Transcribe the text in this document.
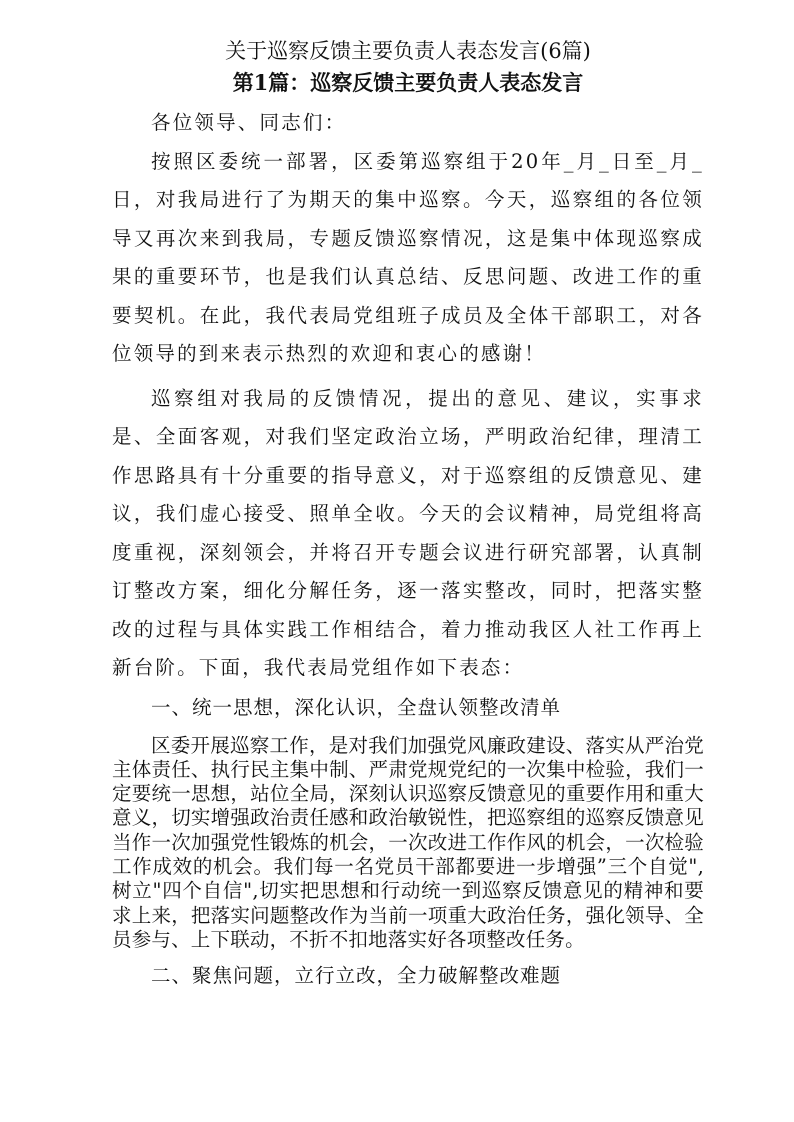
关于巡察反馈主要负责人表态发言(6篇)
第1篇：巡察反馈主要负责人表态发言

各位领导、同志们：

按照区委统一部署，区委第巡察组于20年_月_日至_月_日，对我局进行了为期天的集中巡察。今天，巡察组的各位领导又再次来到我局，专题反馈巡察情况，这是集中体现巡察成果的重要环节，也是我们认真总结、反思问题、改进工作的重要契机。在此，我代表局党组班子成员及全体干部职工，对各位领导的到来表示热烈的欢迎和衷心的感谢！

巡察组对我局的反馈情况，提出的意见、建议，实事求是、全面客观，对我们坚定政治立场，严明政治纪律，理清工作思路具有十分重要的指导意义，对于巡察组的反馈意见、建议，我们虚心接受、照单全收。今天的会议精神，局党组将高度重视，深刻领会，并将召开专题会议进行研究部署，认真制订整改方案，细化分解任务，逐一落实整改，同时，把落实整改的过程与具体实践工作相结合，着力推动我区人社工作再上新台阶。下面，我代表局党组作如下表态：

一、统一思想，深化认识，全盘认领整改清单

区委开展巡察工作，是对我们加强党风廉政建设、落实从严治党主体责任、执行民主集中制、严肃党规党纪的一次集中检验，我们一定要统一思想，站位全局，深刻认识巡察反馈意见的重要作用和重大意义，切实增强政治责任感和政治敏锐性，把巡察组的巡察反馈意见当作一次加强党性锻炼的机会，一次改进工作作风的机会，一次检验工作成效的机会。我们每一名党员干部都要进一步增强”三个自觉",树立"四个自信",切实把思想和行动统一到巡察反馈意见的精神和要求上来，把落实问题整改作为当前一项重大政治任务，强化领导、全员参与、上下联动，不折不扣地落实好各项整改任务。

二、聚焦问题，立行立改，全力破解整改难题
